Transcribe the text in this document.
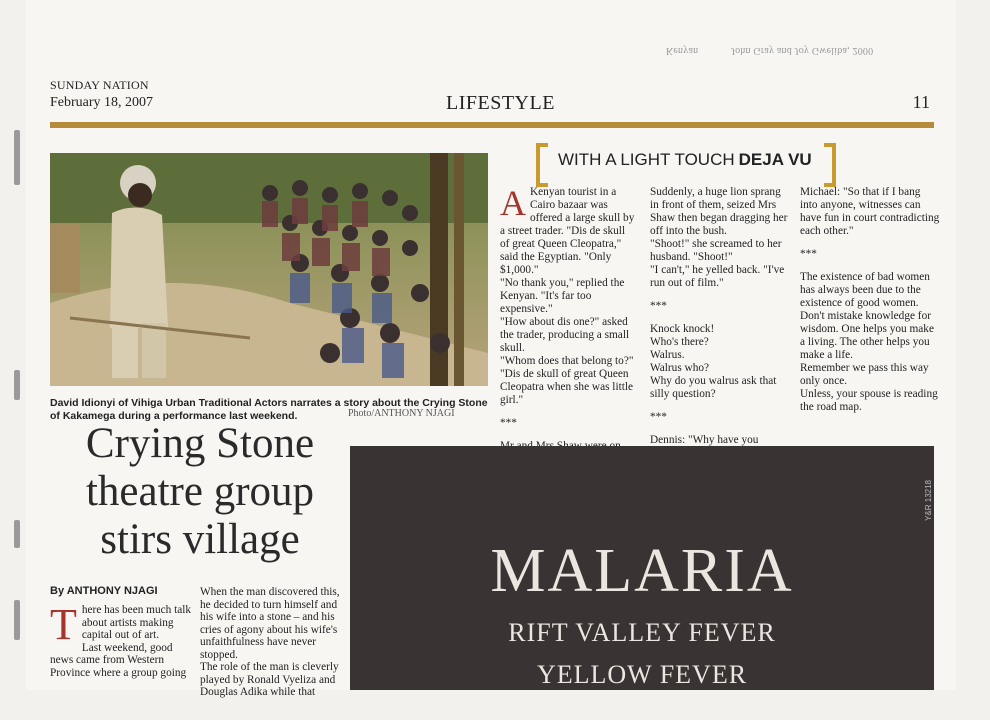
Kenyan	John Gray and Joy Gweliba, 2000
SUNDAY NATION
February 18, 2007	LIFESTYLE	11
David Idionyi of Vihiga Urban Traditional Actors narrates a story about the Crying Stone of Kakamega during a performance last weekend.	Photo/ANTHONY NJAGI
WITH A LIGHT TOUCH DEJA VU
A Kenyan tourist in a Cairo bazaar was offered a large skull by a street trader. "Dis de skull of great Queen Cleopatra," said the Egyptian. "Only $1,000."
"No thank you," replied the Kenyan. "It's far too expensive."
"How about dis one?" asked the trader, producing a small skull.
"Whom does that belong to?"
"Dis de skull of great Queen Cleopatra when she was little girl."

***

Suddenly, a huge lion sprang in front of them, seized Mrs Shaw then began dragging her off into the bush.
"Shoot!" she screamed to her husband. "Shoot!"
"I can't," he yelled back. "I've run out of film."

***

Knock knock!
Who's there?
Walrus.
Walrus who?
Why do you walrus ask that silly question?

***

Dennis: "Why have you

Michael: "So that if I bang into anyone, witnesses can have fun in court contradicting each other."

***

The existence of bad women has always been due to the existence of good women.
Don't mistake knowledge for wisdom. One helps you make a living. The other helps you make a life.
Remember we pass this way only once.
Unless, your spouse is reading the road map.

Crying Stone theatre group stirs village
By ANTHONY NJAGI
T here has been much talk about artists making capital out of art.
Last weekend, good news came from Western Province where a group going

When the man discovered this, he decided to turn himself and his wife into a stone – and his cries of agony about his wife's unfaithfulness have never stopped.
The role of the man is cleverly played by Ronald Vyeliza and Douglas Adika while that

Y&R 13218
MALARIA
RIFT VALLEY FEVER
YELLOW FEVER
